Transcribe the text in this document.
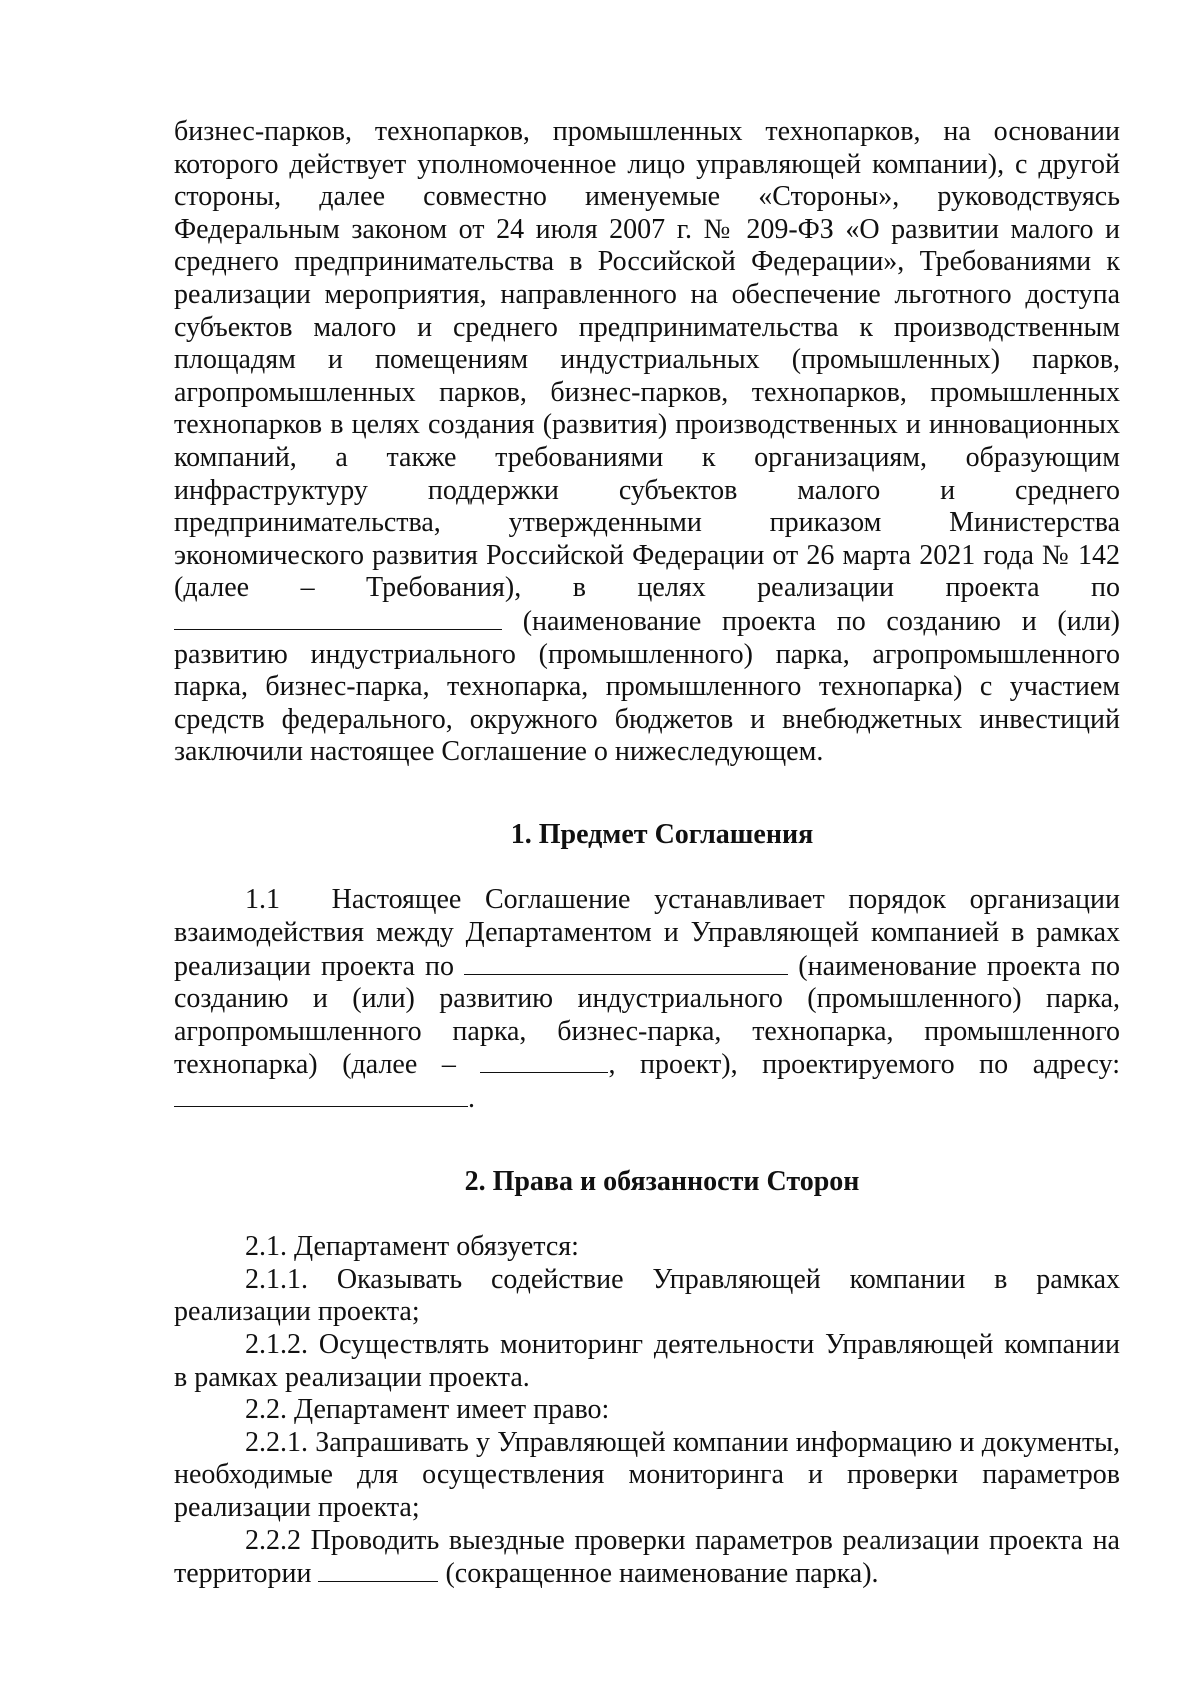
бизнес-парков, технопарков, промышленных технопарков, на основании которого действует уполномоченное лицо управляющей компании), с другой стороны, далее совместно именуемые «Стороны», руководствуясь Федеральным законом от 24 июля 2007 г. № 209-ФЗ «О развитии малого и среднего предпринимательства в Российской Федерации», Требованиями к реализации мероприятия, направленного на обеспечение льготного доступа субъектов малого и среднего предпринимательства к производственным площадям и помещениям индустриальных (промышленных) парков, агропромышленных парков, бизнес-парков, технопарков, промышленных технопарков в целях создания (развития) производственных и инновационных компаний, а также требованиями к организациям, образующим инфраструктуру поддержки субъектов малого и среднего предпринимательства, утвержденными приказом Министерства экономического развития Российской Федерации от 26 марта 2021 года № 142 (далее – Требования), в целях реализации проекта по  (наименование проекта по созданию и (или) развитию индустриального (промышленного) парка, агропромышленного парка, бизнес-парка, технопарка, промышленного технопарка) с участием средств федерального, окружного бюджетов и внебюджетных инвестиций заключили настоящее Соглашение о нижеследующем.

1. Предмет Соглашения

1.1  Настоящее Соглашение устанавливает порядок организации взаимодействия между Департаментом и Управляющей компанией в рамках реализации проекта по	(наименование проекта по созданию и (или) развитию индустриального (промышленного) парка, агропромышленного парка, бизнес-парка, технопарка, промышленного технопарка) (далее –	, проект), проектируемого по адресу: .

2. Права и обязанности Сторон

2.1. Департамент обязуется:

2.1.1. Оказывать содействие Управляющей компании в рамках реализации проекта;

2.1.2. Осуществлять мониторинг деятельности Управляющей компании в рамках реализации проекта.

2.2. Департамент имеет право:

2.2.1. Запрашивать у Управляющей компании информацию и документы, необходимые для осуществления мониторинга и проверки параметров реализации проекта;

2.2.2 Проводить выездные проверки параметров реализации проекта на территории	(сокращенное наименование парка).
